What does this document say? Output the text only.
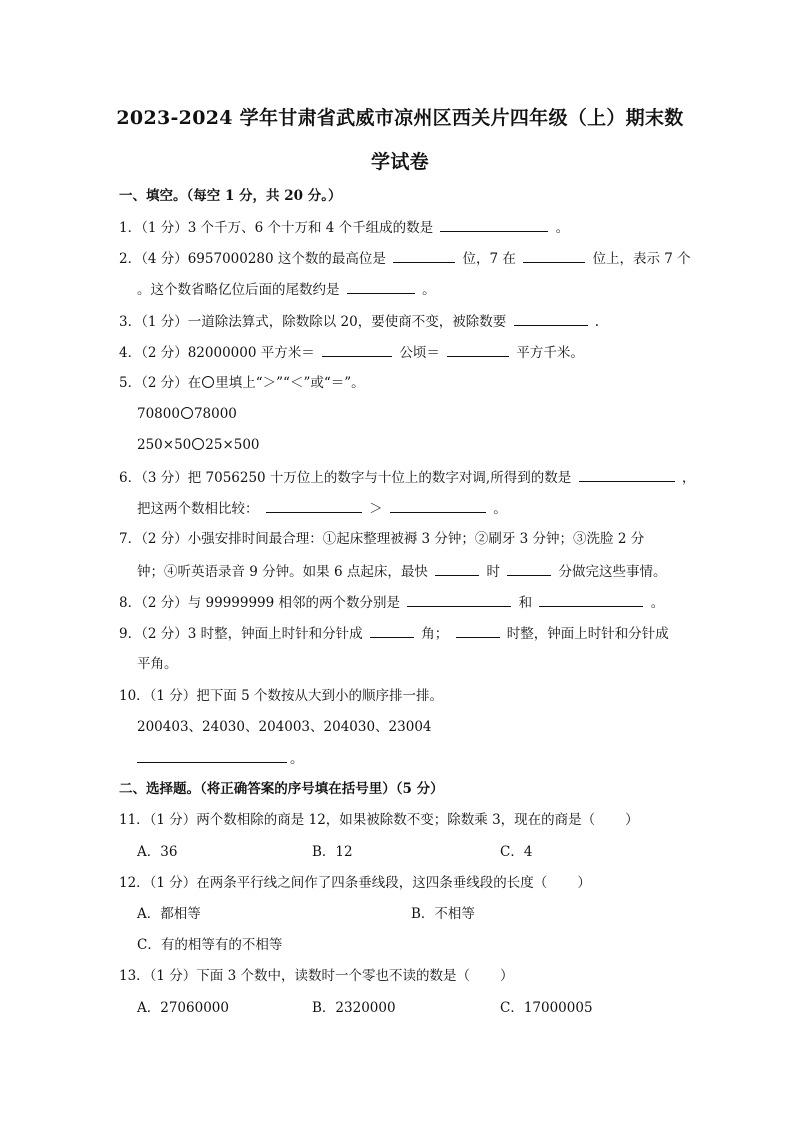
2023-2024 学年甘肃省武威市凉州区西关片四年级（上）期末数
学试卷
一、填空。（每空 1 分，共 20 分。）
1．（1 分）3 个千万、6 个十万和 4 个千组成的数是	。
2．（4 分）6957000280 这个数的最高位是	位，7 在	位上，表示 7 个
。这个数省略亿位后面的尾数约是	。
3．（1 分）一道除法算式，除数除以 20，要使商不变，被除数要	.
4．（2 分）82000000 平方米＝	公顷＝	平方千米。
5．（2 分）在 里填上“＞”“＜”或“＝”。
70800 78000
250×50 25×500
6．（3 分）把 7056250 十万位上的数字与十位上的数字对调,所得到的数是	，
把这两个数相比较：	＞	。
7．（2 分）小强安排时间最合理：①起床整理被褥 3 分钟；②刷牙 3 分钟；③洗脸 2 分
钟；④听英语录音 9 分钟。如果 6 点起床，最快	时	分做完这些事情。
8．（2 分）与 99999999 相邻的两个数分别是	和	。
9．（2 分）3 时整，钟面上时针和分针成	角；	时整，钟面上时针和分针成
平角。
10．（1 分）把下面 5 个数按从大到小的顺序排一排。
200403、24030、204003、204030、23004
。
二、选择题。（将正确答案的序号填在括号里）（5 分）
11．（1 分）两个数相除的商是 12，如果被除数不变；除数乘 3，现在的商是（ ）
A．36	B．12	C．4
12．（1 分）在两条平行线之间作了四条垂线段，这四条垂线段的长度（ ）
A．都相等	B．不相等
C．有的相等有的不相等
13．（1 分）下面 3 个数中，读数时一个零也不读的数是（ ）
A．27060000	B．2320000	C．17000005
